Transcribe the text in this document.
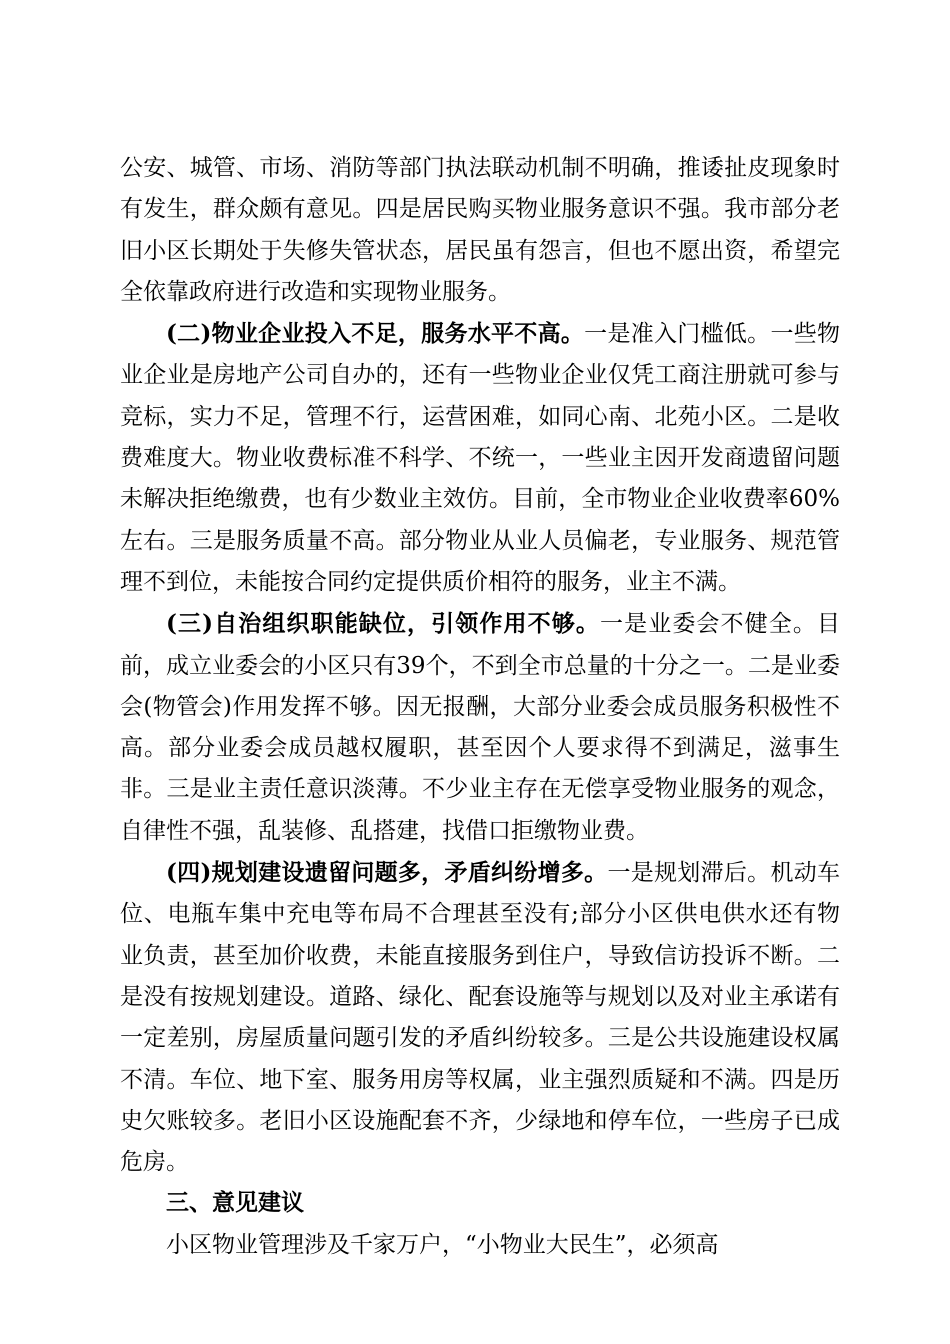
公安、城管、市场、消防等部门执法联动机制不明确，推诿扯皮现象时有发生，群众颇有意见。四是居民购买物业服务意识不强。我市部分老旧小区长期处于失修失管状态，居民虽有怨言，但也不愿出资，希望完全依靠政府进行改造和实现物业服务。

(二)物业企业投入不足，服务水平不高。一是准入门槛低。一些物业企业是房地产公司自办的，还有一些物业企业仅凭工商注册就可参与竞标，实力不足，管理不行，运营困难，如同心南、北苑小区。二是收费难度大。物业收费标准不科学、不统一，一些业主因开发商遗留问题未解决拒绝缴费，也有少数业主效仿。目前，全市物业企业收费率60%左右。三是服务质量不高。部分物业从业人员偏老，专业服务、规范管理不到位，未能按合同约定提供质价相符的服务，业主不满。

(三)自治组织职能缺位，引领作用不够。一是业委会不健全。目前，成立业委会的小区只有39个，不到全市总量的十分之一。二是业委会(物管会)作用发挥不够。因无报酬，大部分业委会成员服务积极性不高。部分业委会成员越权履职，甚至因个人要求得不到满足，滋事生非。三是业主责任意识淡薄。不少业主存在无偿享受物业服务的观念，自律性不强，乱装修、乱搭建，找借口拒缴物业费。

(四)规划建设遗留问题多，矛盾纠纷增多。一是规划滞后。机动车位、电瓶车集中充电等布局不合理甚至没有;部分小区供电供水还有物业负责，甚至加价收费，未能直接服务到住户，导致信访投诉不断。二是没有按规划建设。道路、绿化、配套设施等与规划以及对业主承诺有一定差别，房屋质量问题引发的矛盾纠纷较多。三是公共设施建设权属不清。车位、地下室、服务用房等权属，业主强烈质疑和不满。四是历史欠账较多。老旧小区设施配套不齐，少绿地和停车位，一些房子已成危房。

三、意见建议

小区物业管理涉及千家万户，“小物业大民生”，必须高
